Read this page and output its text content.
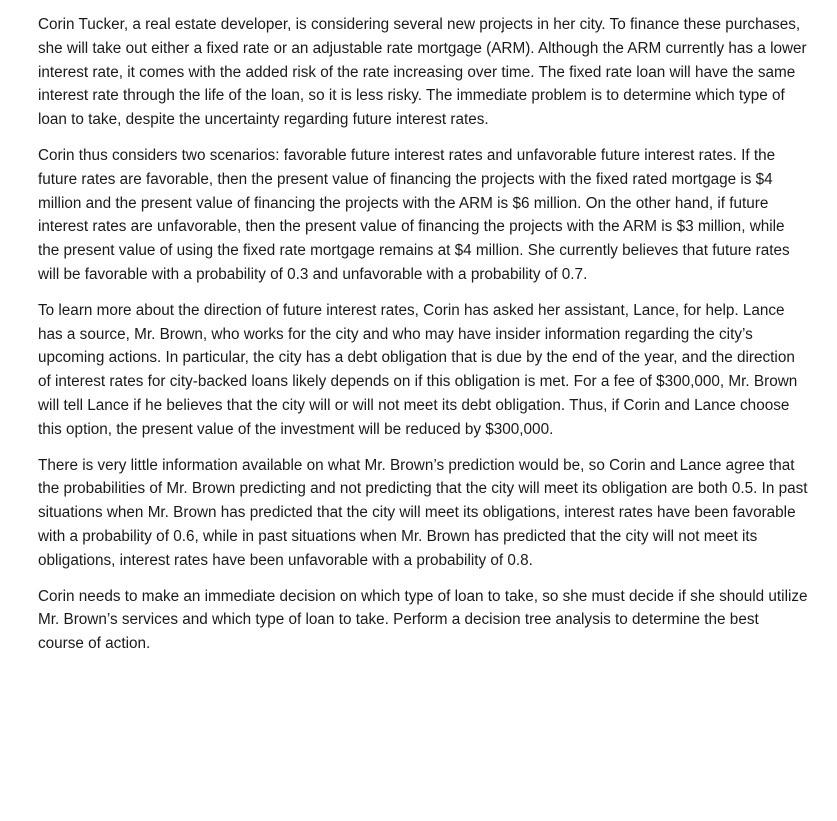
Corin Tucker, a real estate developer, is considering several new projects in her city. To finance these purchases, she will take out either a fixed rate or an adjustable rate mortgage (ARM). Although the ARM currently has a lower interest rate, it comes with the added risk of the rate increasing over time. The fixed rate loan will have the same interest rate through the life of the loan, so it is less risky. The immediate problem is to determine which type of loan to take, despite the uncertainty regarding future interest rates.

Corin thus considers two scenarios: favorable future interest rates and unfavorable future interest rates. If the future rates are favorable, then the present value of financing the projects with the fixed rated mortgage is $4 million and the present value of financing the projects with the ARM is $6 million. On the other hand, if future interest rates are unfavorable, then the present value of financing the projects with the ARM is $3 million, while the present value of using the fixed rate mortgage remains at $4 million. She currently believes that future rates will be favorable with a probability of 0.3 and unfavorable with a probability of 0.7.

To learn more about the direction of future interest rates, Corin has asked her assistant, Lance, for help. Lance has a source, Mr. Brown, who works for the city and who may have insider information regarding the city’s upcoming actions. In particular, the city has a debt obligation that is due by the end of the year, and the direction of interest rates for city-backed loans likely depends on if this obligation is met. For a fee of $300,000, Mr. Brown will tell Lance if he believes that the city will or will not meet its debt obligation. Thus, if Corin and Lance choose this option, the present value of the investment will be reduced by $300,000.

There is very little information available on what Mr. Brown’s prediction would be, so Corin and Lance agree that the probabilities of Mr. Brown predicting and not predicting that the city will meet its obligation are both 0.5. In past situations when Mr. Brown has predicted that the city will meet its obligations, interest rates have been favorable with a probability of 0.6, while in past situations when Mr. Brown has predicted that the city will not meet its obligations, interest rates have been unfavorable with a probability of 0.8.

Corin needs to make an immediate decision on which type of loan to take, so she must decide if she should utilize Mr. Brown’s services and which type of loan to take. Perform a decision tree analysis to determine the best course of action.
